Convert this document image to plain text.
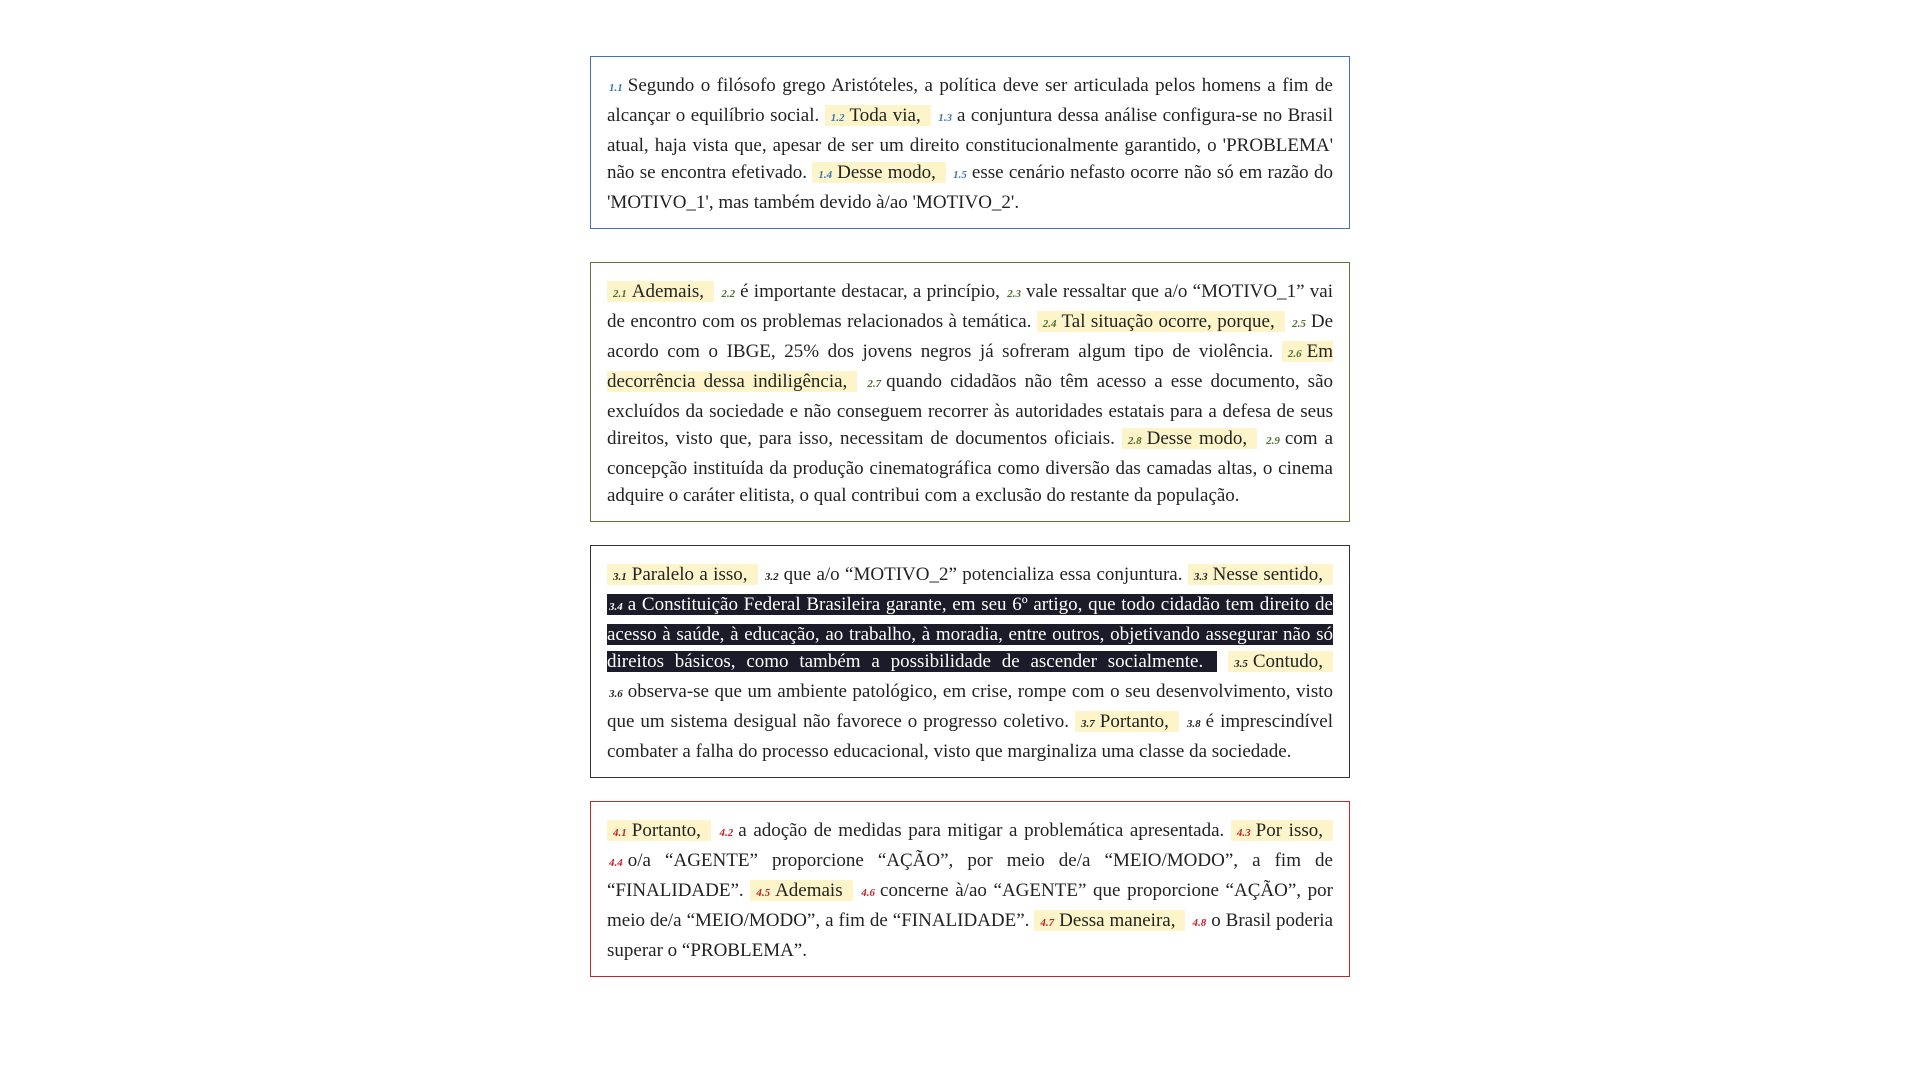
1.1 Segundo o filósofo grego Aristóteles, a política deve ser articulada pelos homens a fim de alcançar o equilíbrio social. 1.2 Toda via, 1.3 a conjuntura dessa análise configura-se no Brasil atual, haja vista que, apesar de ser um direito constitucionalmente garantido, o 'PROBLEMA' não se encontra efetivado. 1.4 Desse modo, 1.5 esse cenário nefasto ocorre não só em razão do 'MOTIVO_1', mas também devido à/ao 'MOTIVO_2'.
2.1 Ademais, 2.2 é importante destacar, a princípio, 2.3 vale ressaltar que a/o “MOTIVO_1” vai de encontro com os problemas relacionados à temática. 2.4 Tal situação ocorre, porque, 2.5 De acordo com o IBGE, 25% dos jovens negros já sofreram algum tipo de violência. 2.6 Em decorrência dessa indiligência, 2.7 quando cidadãos não têm acesso a esse documento, são excluídos da sociedade e não conseguem recorrer às autoridades estatais para a defesa de seus direitos, visto que, para isso, necessitam de documentos oficiais. 2.8 Desse modo, 2.9 com a concepção instituída da produção cinematográfica como diversão das camadas altas, o cinema adquire o caráter elitista, o qual contribui com a exclusão do restante da população.
3.1 Paralelo a isso, 3.2 que a/o “MOTIVO_2” potencializa essa conjuntura. 3.3 Nesse sentido, 3.4 a Constituição Federal Brasileira garante, em seu 6º artigo, que todo cidadão tem direito de acesso à saúde, à educação, ao trabalho, à moradia, entre outros, objetivando assegurar não só direitos básicos, como também a possibilidade de ascender socialmente.	3.5 Contudo, 3.6 observa-se que um ambiente patológico, em crise, rompe com o seu desenvolvimento, visto que um sistema desigual não favorece o progresso coletivo. 3.7 Portanto, 3.8 é imprescindível combater a falha do processo educacional, visto que marginaliza uma classe da sociedade.
4.1 Portanto, 4.2 a adoção de medidas para mitigar a problemática apresentada. 4.3 Por isso, 4.4 o/a “AGENTE” proporcione “AÇÃO”, por meio de/a “MEIO/MODO”, a fim de “FINALIDADE”. 4.5 Ademais 4.6 concerne à/ao “AGENTE” que proporcione “AÇÃO”, por meio de/a “MEIO/MODO”, a fim de “FINALIDADE”. 4.7 Dessa maneira, 4.8 o Brasil poderia superar o “PROBLEMA”.
